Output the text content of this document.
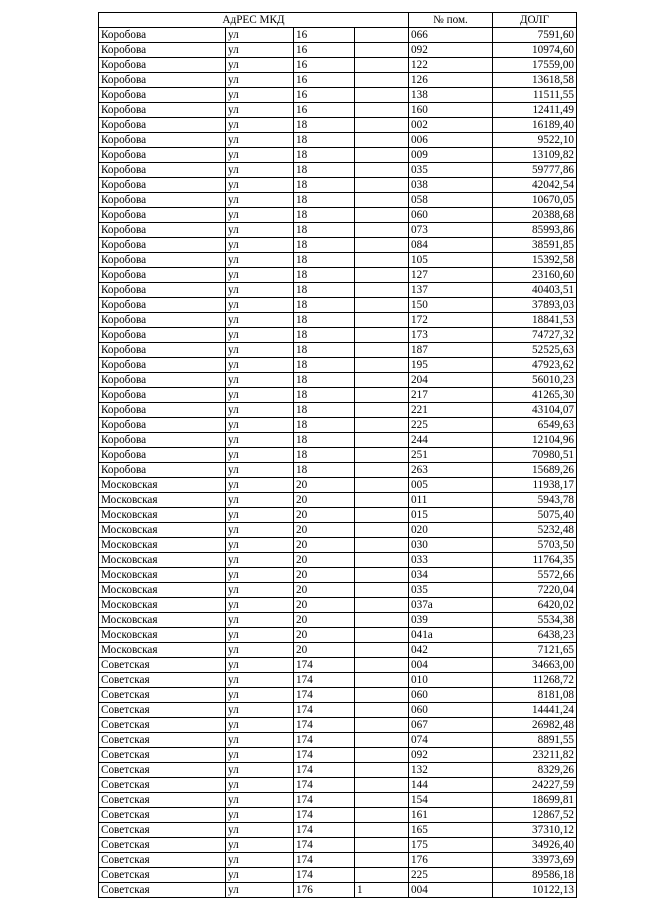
АдРЕС МКД				№ пом.	ДОЛГ
Коробова	ул	16		066	7591,60
Коробова	ул	16		092	10974,60
Коробова	ул	16		122	17559,00
Коробова	ул	16		126	13618,58
Коробова	ул	16		138	11511,55
Коробова	ул	16		160	12411,49
Коробова	ул	18		002	16189,40
Коробова	ул	18		006	9522,10
Коробова	ул	18		009	13109,82
Коробова	ул	18		035	59777,86
Коробова	ул	18		038	42042,54
Коробова	ул	18		058	10670,05
Коробова	ул	18		060	20388,68
Коробова	ул	18		073	85993,86
Коробова	ул	18		084	38591,85
Коробова	ул	18		105	15392,58
Коробова	ул	18		127	23160,60
Коробова	ул	18		137	40403,51
Коробова	ул	18		150	37893,03
Коробова	ул	18		172	18841,53
Коробова	ул	18		173	74727,32
Коробова	ул	18		187	52525,63
Коробова	ул	18		195	47923,62
Коробова	ул	18		204	56010,23
Коробова	ул	18		217	41265,30
Коробова	ул	18		221	43104,07
Коробова	ул	18		225	6549,63
Коробова	ул	18		244	12104,96
Коробова	ул	18		251	70980,51
Коробова	ул	18		263	15689,26
Московская	ул	20		005	11938,17
Московская	ул	20		011	5943,78
Московская	ул	20		015	5075,40
Московская	ул	20		020	5232,48
Московская	ул	20		030	5703,50
Московская	ул	20		033	11764,35
Московская	ул	20		034	5572,66
Московская	ул	20		035	7220,04
Московская	ул	20		037а	6420,02
Московская	ул	20		039	5534,38
Московская	ул	20		041а	6438,23
Московская	ул	20		042	7121,65
Советская	ул	174		004	34663,00
Советская	ул	174		010	11268,72
Советская	ул	174		060	8181,08
Советская	ул	174		060	14441,24
Советская	ул	174		067	26982,48
Советская	ул	174		074	8891,55
Советская	ул	174		092	23211,82
Советская	ул	174		132	8329,26
Советская	ул	174		144	24227,59
Советская	ул	174		154	18699,81
Советская	ул	174		161	12867,52
Советская	ул	174		165	37310,12
Советская	ул	174		175	34926,40
Советская	ул	174		176	33973,69
Советская	ул	174		225	89586,18
Советская	ул	176	1	004	10122,13
